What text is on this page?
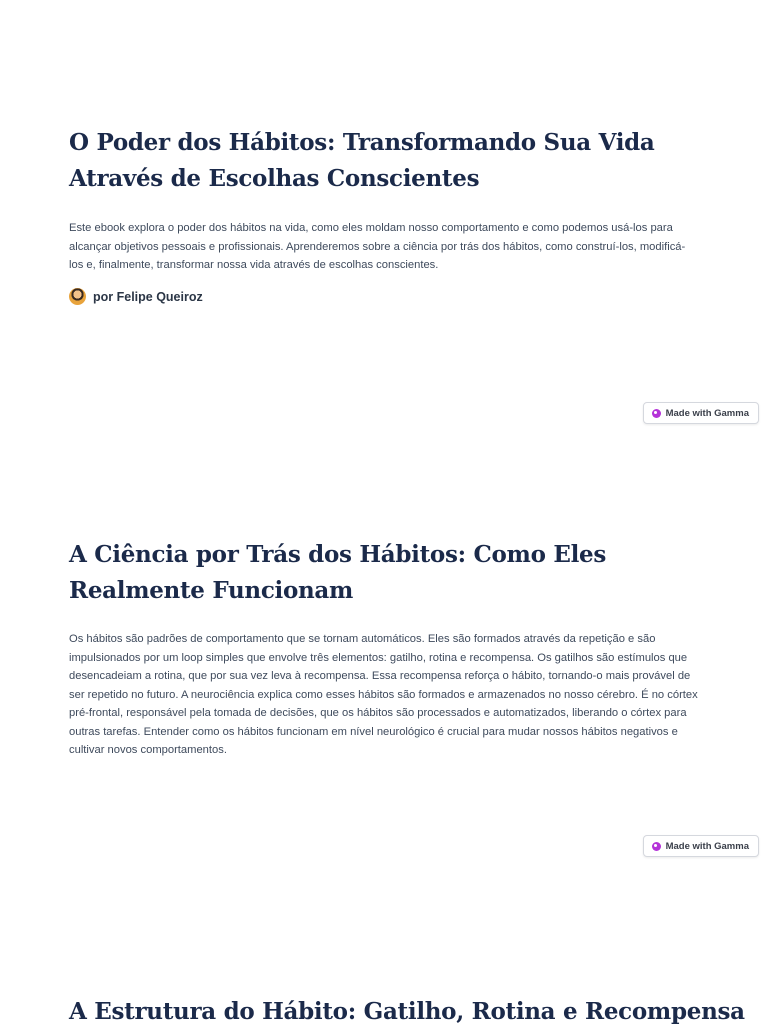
O Poder dos Hábitos: Transformando Sua Vida Através de Escolhas Conscientes

Este ebook explora o poder dos hábitos na vida, como eles moldam nosso comportamento e como podemos usá-los para alcançar objetivos pessoais e profissionais. Aprenderemos sobre a ciência por trás dos hábitos, como construí-los, modificá-los e, finalmente, transformar nossa vida através de escolhas conscientes.

por Felipe Queiroz
Made with Gamma
A Ciência por Trás dos Hábitos: Como Eles Realmente Funcionam

Os hábitos são padrões de comportamento que se tornam automáticos. Eles são formados através da repetição e são impulsionados por um loop simples que envolve três elementos: gatilho, rotina e recompensa. Os gatilhos são estímulos que desencadeiam a rotina, que por sua vez leva à recompensa. Essa recompensa reforça o hábito, tornando-o mais provável de ser repetido no futuro. A neurociência explica como esses hábitos são formados e armazenados no nosso cérebro. É no córtex pré-frontal, responsável pela tomada de decisões, que os hábitos são processados e automatizados, liberando o córtex para outras tarefas. Entender como os hábitos funcionam em nível neurológico é crucial para mudar nossos hábitos negativos e cultivar novos comportamentos.

Made with Gamma
A Estrutura do Hábito: Gatilho, Rotina e Recompensa
